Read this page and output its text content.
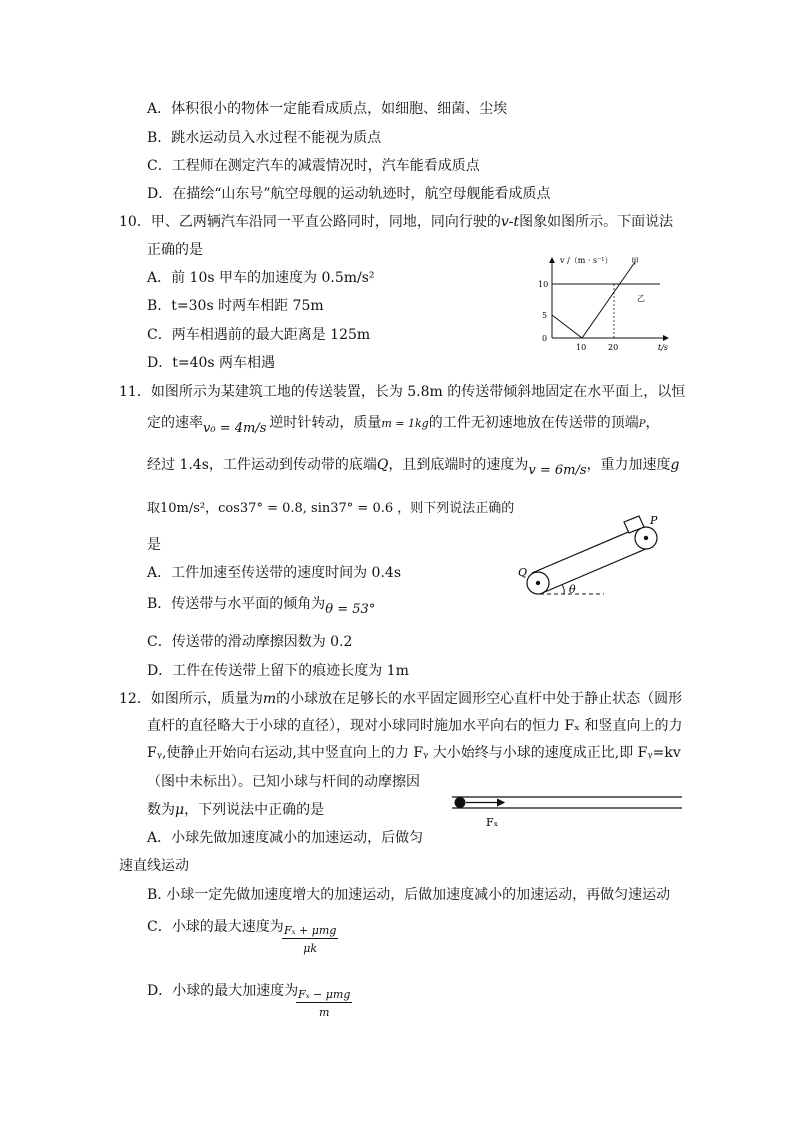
A．体积很小的物体一定能看成质点，如细胞、细菌、尘埃
B．跳水运动员入水过程不能视为质点
C．工程师在测定汽车的减震情况时，汽车能看成质点
D．在描绘“山东号”航空母舰的运动轨迹时，航空母舰能看成质点
10．甲、乙两辆汽车沿同一平直公路同时，同地，同向行驶的v-t图象如图所示。下面说法
正确的是
A．前 10s 甲车的加速度为 0.5m/s²
B．t=30s 时两车相距 75m
C．两车相遇前的最大距离是 125m
D．t=40s 两车相遇
v /（m · s⁻¹）
t/s
0
5
10
10	20
甲
乙
11．如图所示为某建筑工地的传送装置，长为 5.8m 的传送带倾斜地固定在水平面上，以恒
定的速率v₀ = 4m/s 逆时针转动，质量m = 1kg的工件无初速地放在传送带的顶端P，
经过 1.4s，工件运动到传动带的底端Q，且到底端时的速度为v = 6m/s，重力加速度g
取10m/s²，cos37° = 0.8, sin37° = 0.6 ，则下列说法正确的
是
A．工件加速至传送带的速度时间为 0.4s
B．传送带与水平面的倾角为θ = 53°
C．传送带的滑动摩擦因数为 0.2
D．工件在传送带上留下的痕迹长度为 1m
θ
P
Q
12．如图所示，质量为m的小球放在足够长的水平固定圆形空心直杆中处于静止状态（圆形
直杆的直径略大于小球的直径），现对小球同时施加水平向右的恒力 Fₓ 和竖直向上的力
Fᵧ,使静止开始向右运动,其中竖直向上的力 Fᵧ 大小始终与小球的速度成正比,即 Fᵧ=kv
（图中未标出）。已知小球与杆间的动摩擦因
数为μ，下列说法中正确的是
A．小球先做加速度减小的加速运动，后做匀
速直线运动
B. 小球一定先做加速度增大的加速运动，后做加速度减小的加速运动，再做匀速运动
C．小球的最大速度为 Fₓ + μmg
μk
D．小球的最大加速度为 Fₓ − μmg
m
Fₓ
